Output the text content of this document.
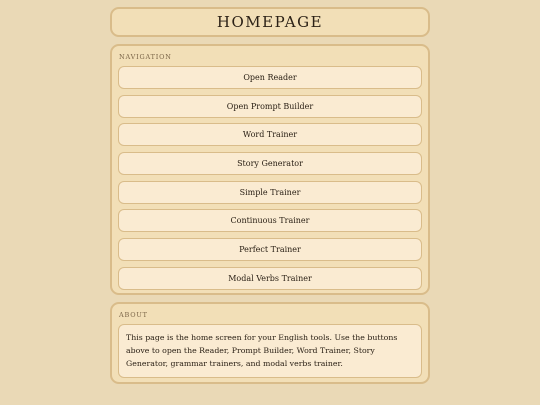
HOMEPAGE
NAVIGATION
Open Reader
Open Prompt Builder
Word Trainer
Story Generator
Simple Trainer
Continuous Trainer
Perfect Trainer
Modal Verbs Trainer
ABOUT
This page is the home screen for your English tools. Use the buttons above to open the Reader, Prompt Builder, Word Trainer, Story Generator, grammar trainers, and modal verbs trainer.
